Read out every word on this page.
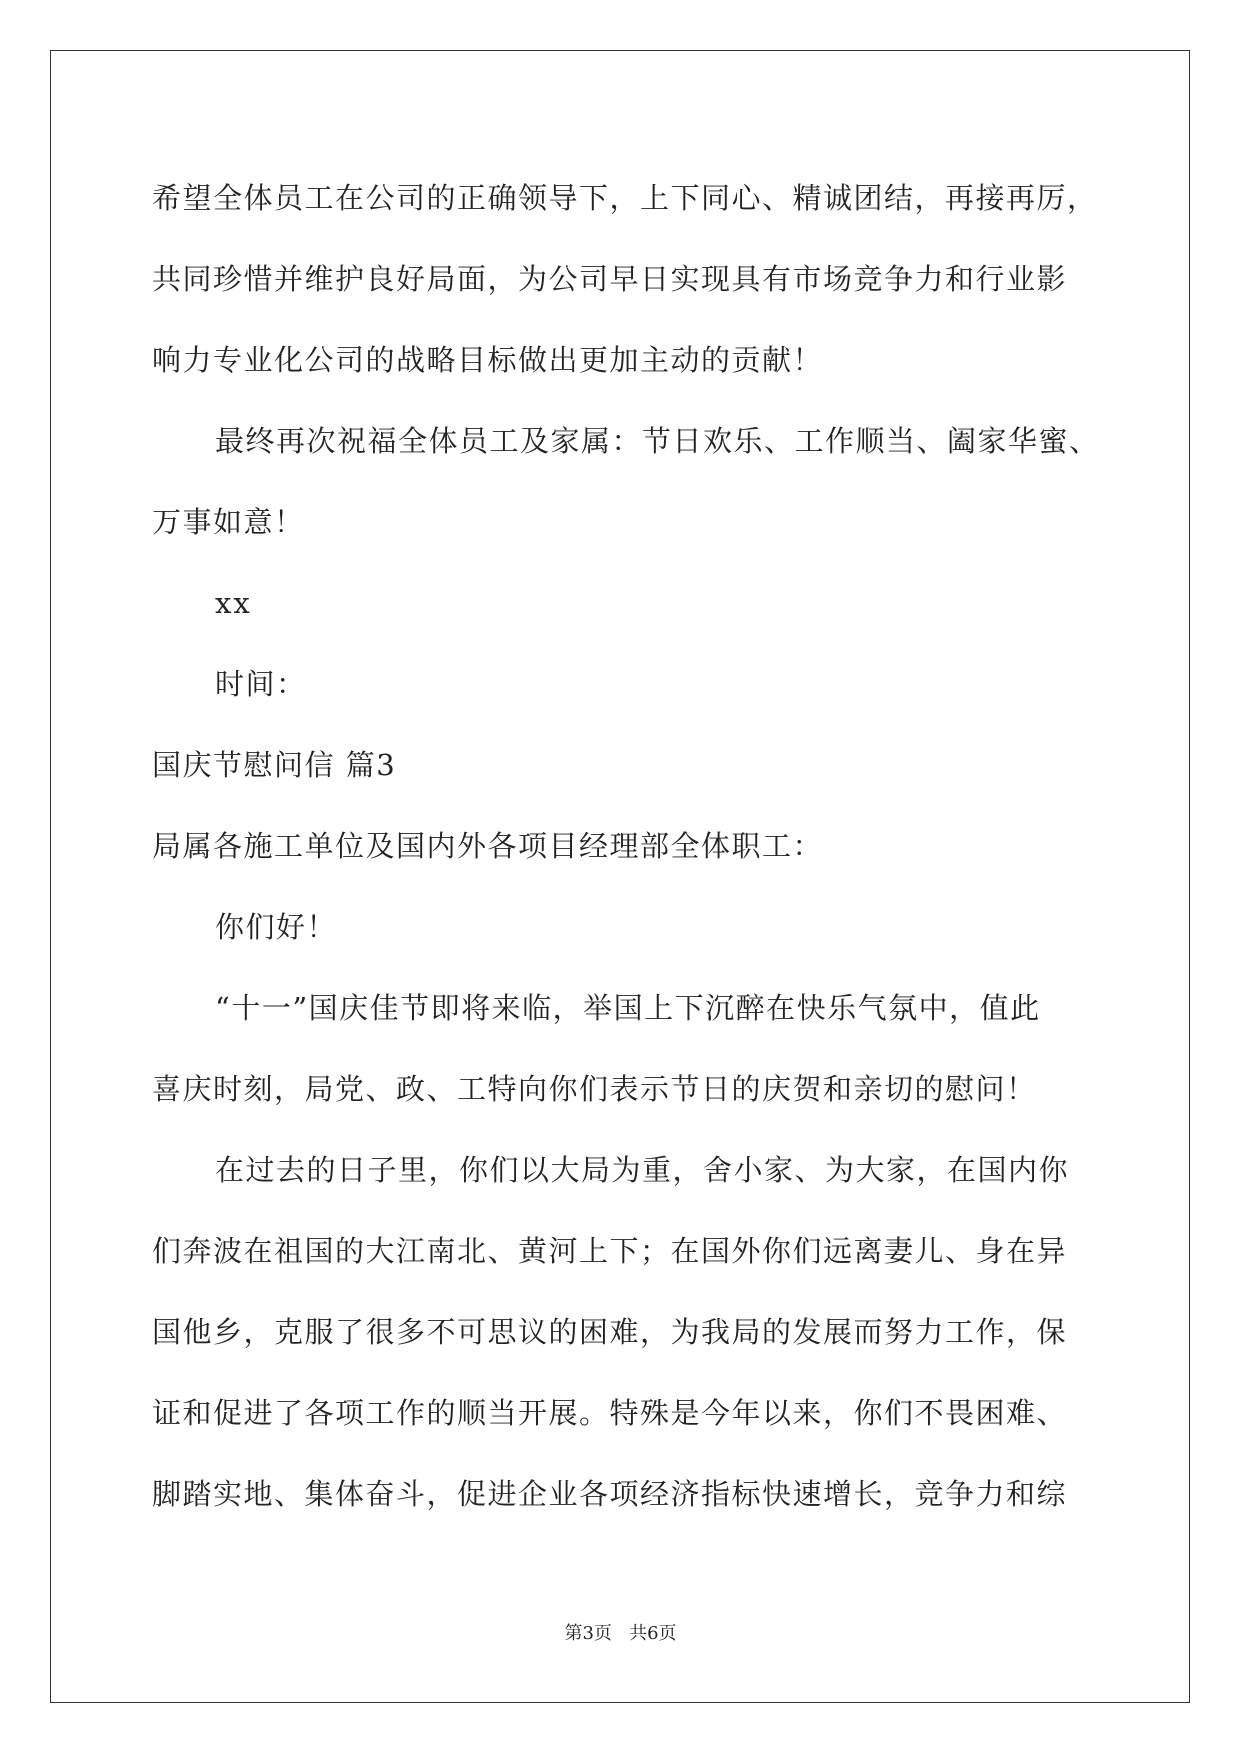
希望全体员工在公司的正确领导下，上下同心、精诚团结，再接再厉，
共同珍惜并维护良好局面，为公司早日实现具有市场竞争力和行业影
响力专业化公司的战略目标做出更加主动的贡献！
最终再次祝福全体员工及家属：节日欢乐、工作顺当、阖家华蜜、
万事如意！
xx
时间：
国庆节慰问信 篇3
局属各施工单位及国内外各项目经理部全体职工：
你们好！
“十一”国庆佳节即将来临，举国上下沉醉在快乐气氛中，值此
喜庆时刻，局党、政、工特向你们表示节日的庆贺和亲切的慰问！
在过去的日子里，你们以大局为重，舍小家、为大家，在国内你
们奔波在祖国的大江南北、黄河上下；在国外你们远离妻儿、身在异
国他乡，克服了很多不可思议的困难，为我局的发展而努力工作，保
证和促进了各项工作的顺当开展。特殊是今年以来，你们不畏困难、
脚踏实地、集体奋斗，促进企业各项经济指标快速增长，竞争力和综
第3页   共6页
